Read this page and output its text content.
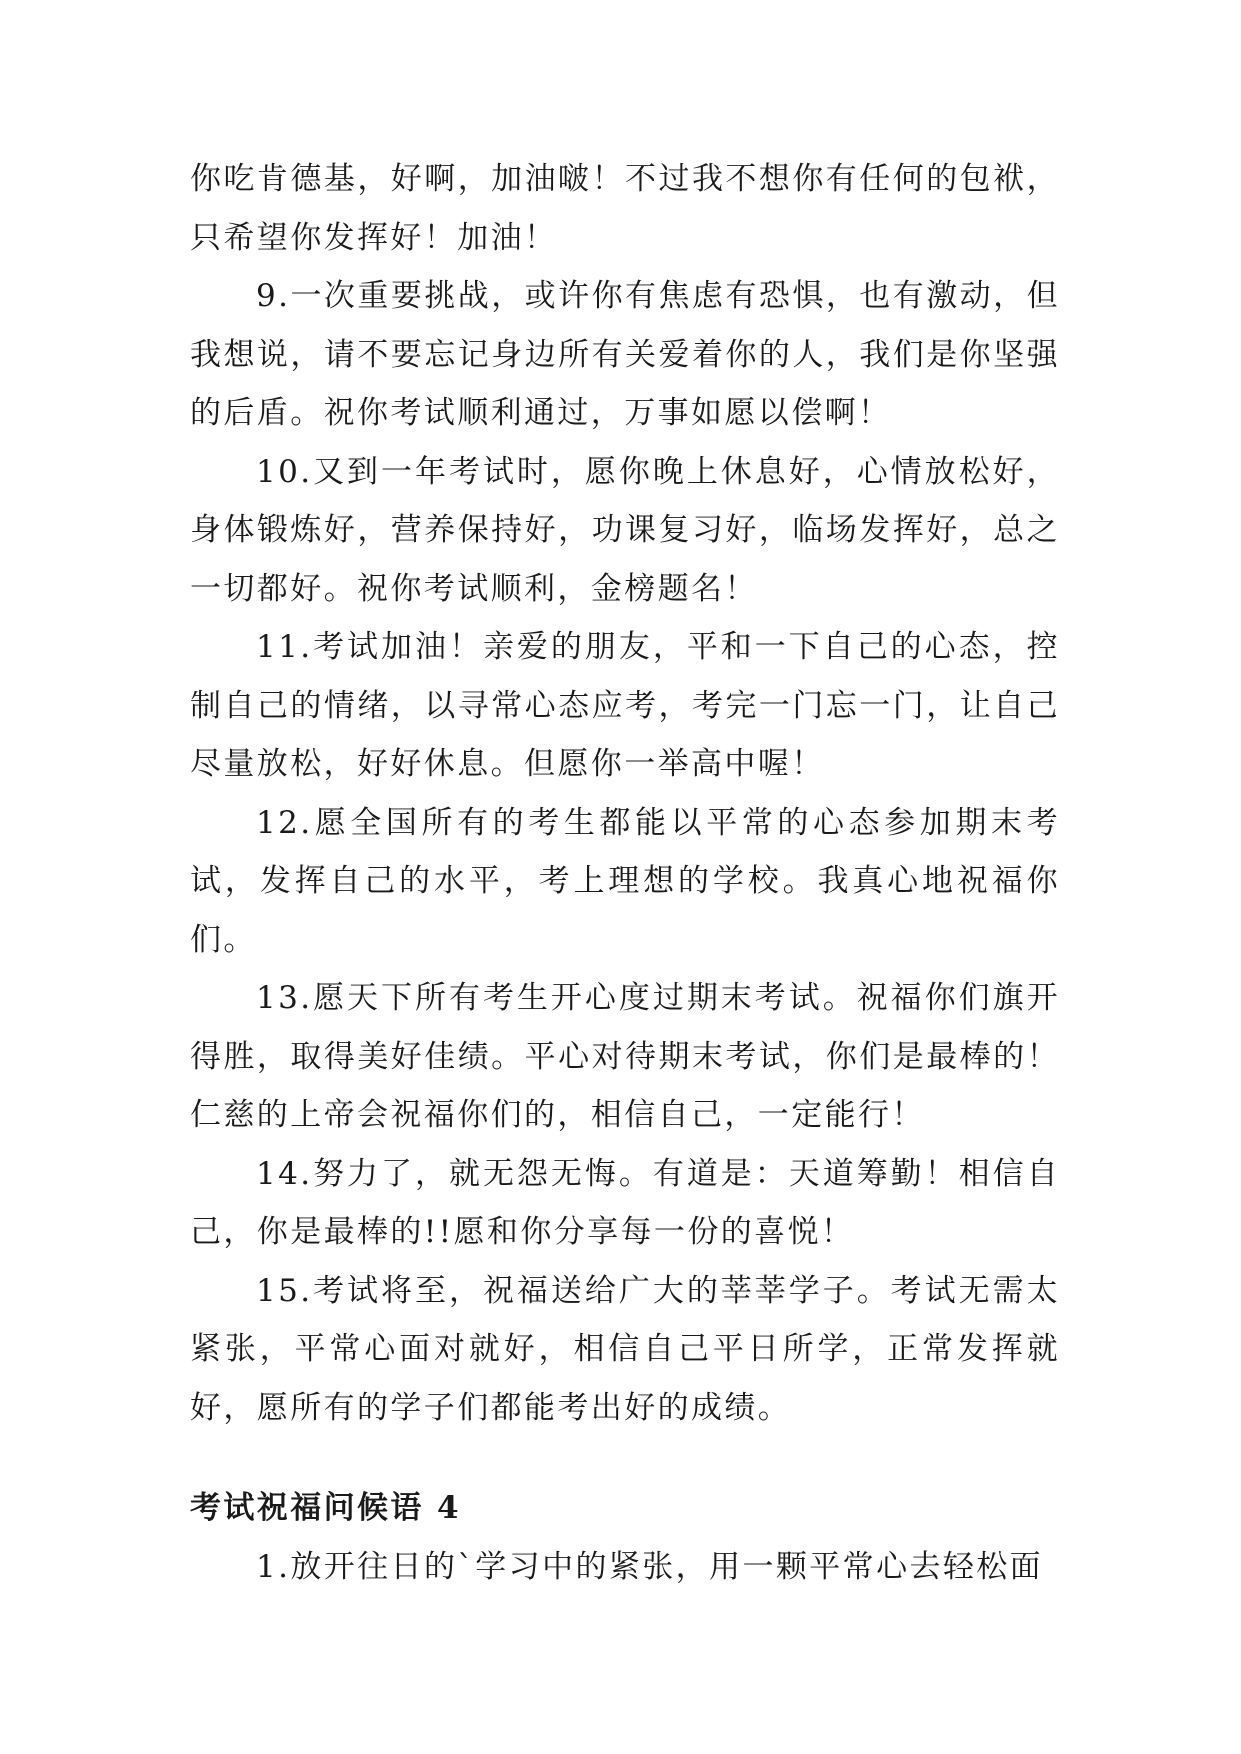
你吃肯德基，好啊，加油啵！不过我不想你有任何的包袱，只希望你发挥好！加油！

9.一次重要挑战，或许你有焦虑有恐惧，也有激动，但我想说，请不要忘记身边所有关爱着你的人，我们是你坚强的后盾。祝你考试顺利通过，万事如愿以偿啊！

10.又到一年考试时，愿你晚上休息好，心情放松好，身体锻炼好，营养保持好，功课复习好，临场发挥好，总之一切都好。祝你考试顺利，金榜题名！

11.考试加油！亲爱的朋友，平和一下自己的心态，控制自己的情绪，以寻常心态应考，考完一门忘一门，让自己尽量放松，好好休息。但愿你一举高中喔！

12.愿全国所有的考生都能以平常的心态参加期末考试，发挥自己的水平，考上理想的学校。我真心地祝福你们。

13.愿天下所有考生开心度过期末考试。祝福你们旗开得胜，取得美好佳绩。平心对待期末考试，你们是最棒的！仁慈的上帝会祝福你们的，相信自己，一定能行！

14.努力了，就无怨无悔。有道是：天道筹勤！相信自己，你是最棒的!!愿和你分享每一份的喜悦！

15.考试将至，祝福送给广大的莘莘学子。考试无需太紧张，平常心面对就好，相信自己平日所学，正常发挥就好，愿所有的学子们都能考出好的成绩。

考试祝福问候语 4

1.放开往日的`学习中的紧张，用一颗平常心去轻松面
